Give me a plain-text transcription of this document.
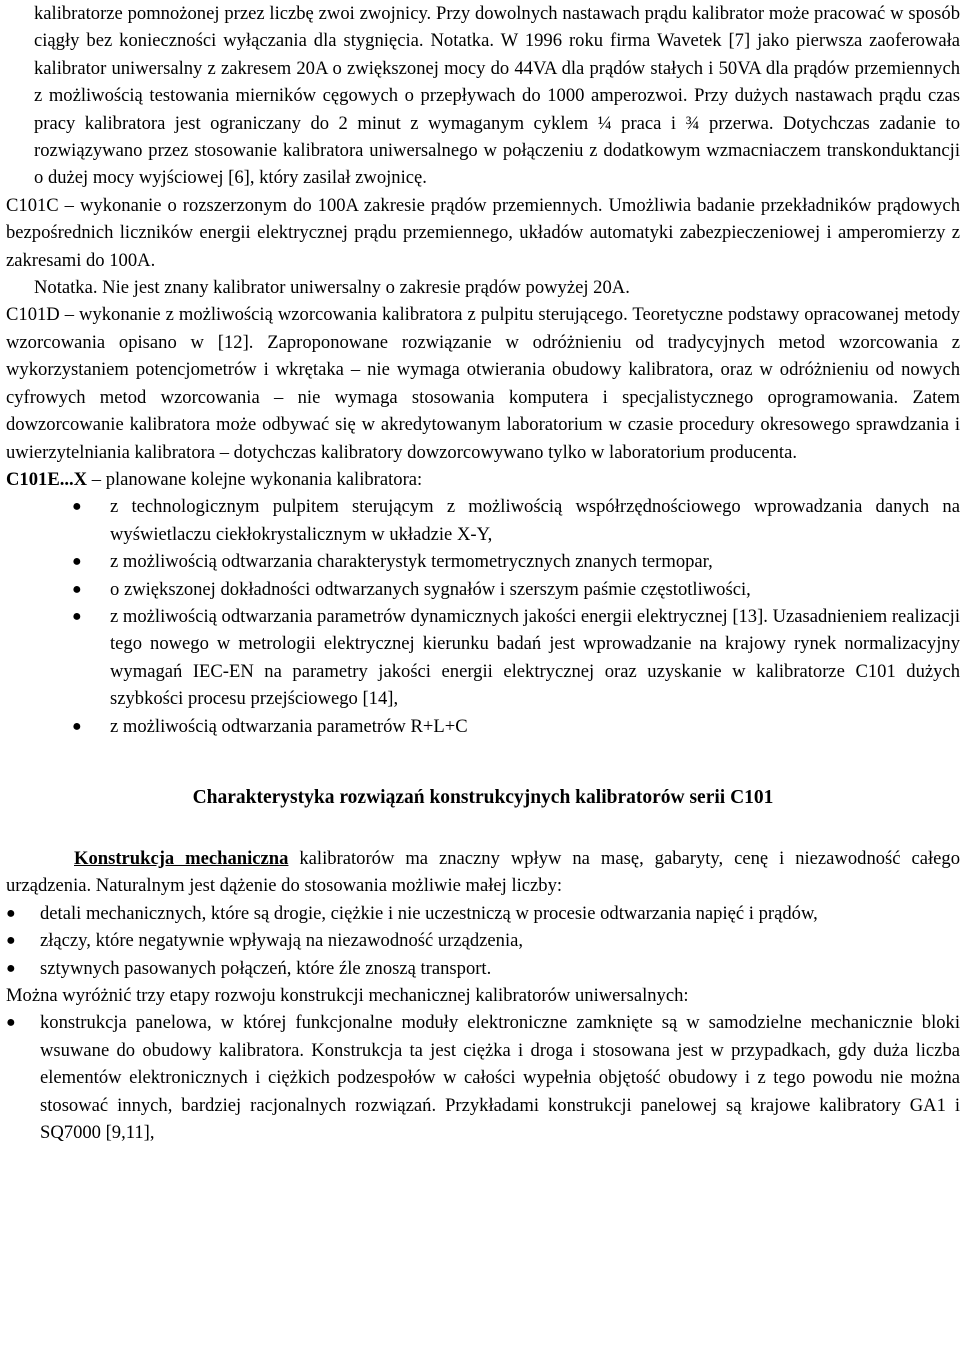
kalibratorze pomnożonej przez liczbę zwoi zwojnicy. Przy dowolnych nastawach prądu kalibrator może pracować w sposób ciągły bez konieczności wyłączania dla stygnięcia. Notatka. W 1996 roku firma Wavetek [7] jako pierwsza zaoferowała kalibrator uniwersalny z zakresem 20A o zwiększonej mocy do 44VA dla prądów stałych i 50VA dla prądów przemiennych z możliwością testowania mierników cęgowych o przepływach do 1000 amperozwoi. Przy dużych nastawach prądu czas pracy kalibratora jest ograniczany do 2 minut z wymaganym cyklem ¼ praca i ¾ przerwa. Dotychczas zadanie to rozwiązywano przez stosowanie kalibratora uniwersalnego w połączeniu z dodatkowym wzmacniaczem transkonduktancji o dużej mocy wyjściowej [6], który zasilał zwojnicę.

C101C – wykonanie o rozszerzonym do 100A zakresie prądów przemiennych. Umożliwia badanie przekładników prądowych bezpośrednich liczników energii elektrycznej prądu przemiennego, układów automatyki zabezpieczeniowej i amperomierzy z zakresami do 100A.

Notatka. Nie jest znany kalibrator uniwersalny o zakresie prądów powyżej 20A.

C101D – wykonanie z możliwością wzorcowania kalibratora z pulpitu sterującego. Teoretyczne podstawy opracowanej metody wzorcowania opisano w [12]. Zaproponowane rozwiązanie w odróżnieniu od tradycyjnych metod wzorcowania z wykorzystaniem potencjometrów i wkrętaka – nie wymaga otwierania obudowy kalibratora, oraz w odróżnieniu od nowych cyfrowych metod wzorcowania – nie wymaga stosowania komputera i specjalistycznego oprogramowania. Zatem dowzorcowanie kalibratora może odbywać się w akredytowanym laboratorium w czasie procedury okresowego sprawdzania i uwierzytelniania kalibratora – dotychczas kalibratory dowzorcowywano tylko w laboratorium producenta.

C101E...X – planowane kolejne wykonania kalibratora:

● z technologicznym pulpitem sterującym z możliwością współrzędnościowego wprowadzania danych na wyświetlaczu ciekłokrystalicznym w układzie X-Y,
● z możliwością odtwarzania charakterystyk termometrycznych znanych termopar,
● o zwiększonej dokładności odtwarzanych sygnałów i szerszym paśmie częstotliwości,
● z możliwością odtwarzania parametrów dynamicznych jakości energii elektrycznej [13]. Uzasadnieniem realizacji tego nowego w metrologii elektrycznej kierunku badań jest wprowadzanie na krajowy rynek normalizacyjny wymagań IEC-EN na parametry jakości energii elektrycznej oraz uzyskanie w kalibratorze C101 dużych szybkości procesu przejściowego [14],
● z możliwością odtwarzania parametrów R+L+C
Charakterystyka rozwiązań konstrukcyjnych kalibratorów serii C101

Konstrukcja mechaniczna kalibratorów ma znaczny wpływ na masę, gabaryty, cenę i niezawodność całego urządzenia. Naturalnym jest dążenie do stosowania możliwie małej liczby:

● detali mechanicznych, które są drogie, ciężkie i nie uczestniczą w procesie odtwarzania napięć i prądów,
● złączy, które negatywnie wpływają na niezawodność urządzenia,
● sztywnych pasowanych połączeń, które źle znoszą transport.

Można wyróżnić trzy etapy rozwoju konstrukcji mechanicznej kalibratorów uniwersalnych:

● konstrukcja panelowa, w której funkcjonalne moduły elektroniczne zamknięte są w samodzielne mechanicznie bloki wsuwane do obudowy kalibratora. Konstrukcja ta jest ciężka i droga i stosowana jest w przypadkach, gdy duża liczba elementów elektronicznych i ciężkich podzespołów w całości wypełnia objętość obudowy i z tego powodu nie można stosować innych, bardziej racjonalnych rozwiązań. Przykładami konstrukcji panelowej są krajowe kalibratory GA1 i SQ7000 [9,11],
